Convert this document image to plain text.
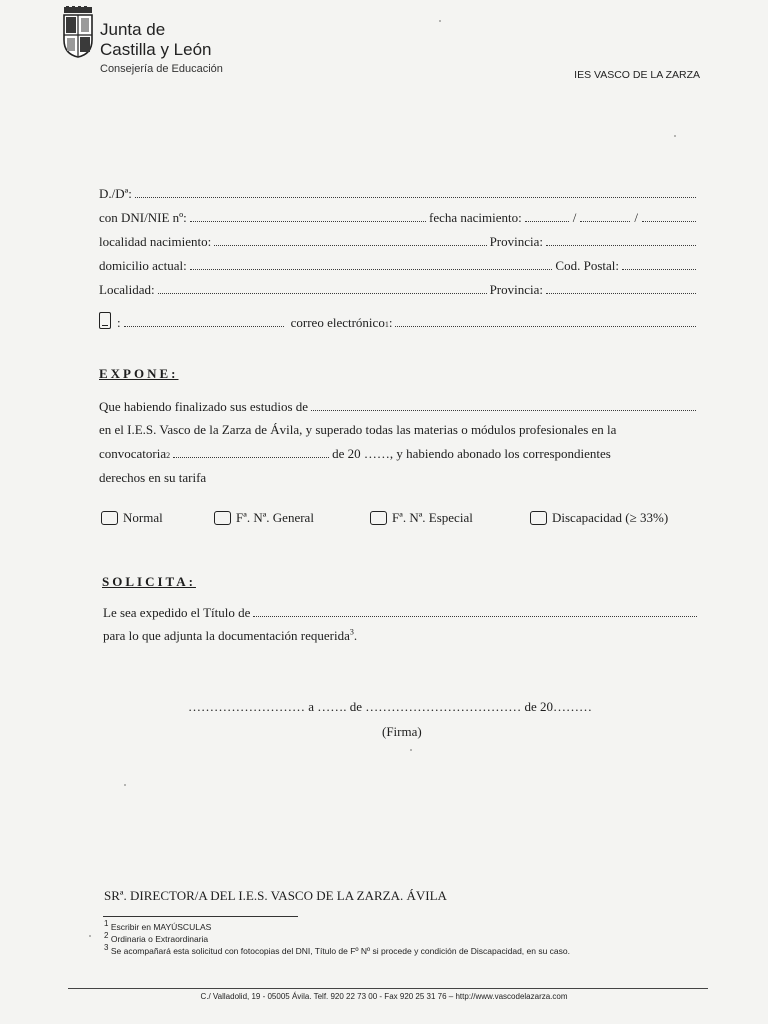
Junta de
Castilla y León
Consejería de Educación	IES VASCO DE LA ZARZA
D./Dª:
con DNI/NIE nº:	fecha nacimiento:	/	/
localidad nacimiento:	Provincia:
domicilio actual:	Cod. Postal:
Localidad:	Provincia:
:	correo electrónico 1 :
EXPONE:
Que habiendo finalizado sus estudios de
en el I.E.S. Vasco de la Zarza de Ávila, y superado todas las materias o módulos profesionales en la
convocatoria 2	de 20 ……, y habiendo abonado los correspondientes
derechos en su tarifa
Normal	Fª. Nª. General	Fª. Nª. Especial	Discapacidad (≥ 33%)
SOLICITA:
Le sea expedido el Título de
para lo que adjunta la documentación requerida$^3$.
……………………… a ……. de ……………………………… de 20………
(Firma)
SRª. DIRECTOR/A DEL I.E.S. VASCO DE LA ZARZA. ÁVILA
$^1$ Escribir en MAYÚSCULAS
$^2$ Ordinaria o Extraordinaria
$^3$ Se acompañará esta solicitud con fotocopias del DNI, Título de Fº Nº si procede y condición de Discapacidad, en su caso.
C./ Valladolid, 19 - 05005 Ávila. Telf. 920 22 73 00 - Fax 920 25 31 76 – http://www.vascodelazarza.com
